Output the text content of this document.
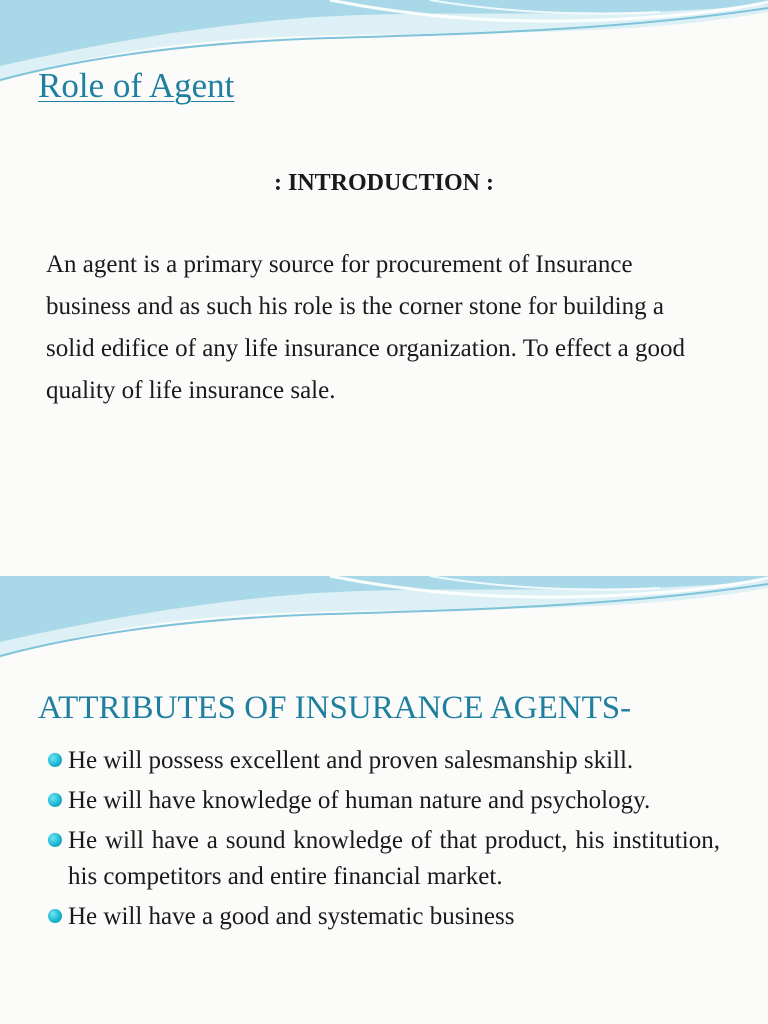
Role of Agent
: INTRODUCTION :

An agent is a primary source for procurement of Insurance business and as such his role is the corner stone for building a solid edifice of any life insurance organization. To effect a good quality of life insurance sale.

ATTRIBUTES OF INSURANCE AGENTS-
He will possess excellent and proven salesmanship skill.
He will have knowledge of human nature and psychology.
He will have a sound knowledge of that product, his institution, his competitors and entire financial market.
He will have a good and systematic business
